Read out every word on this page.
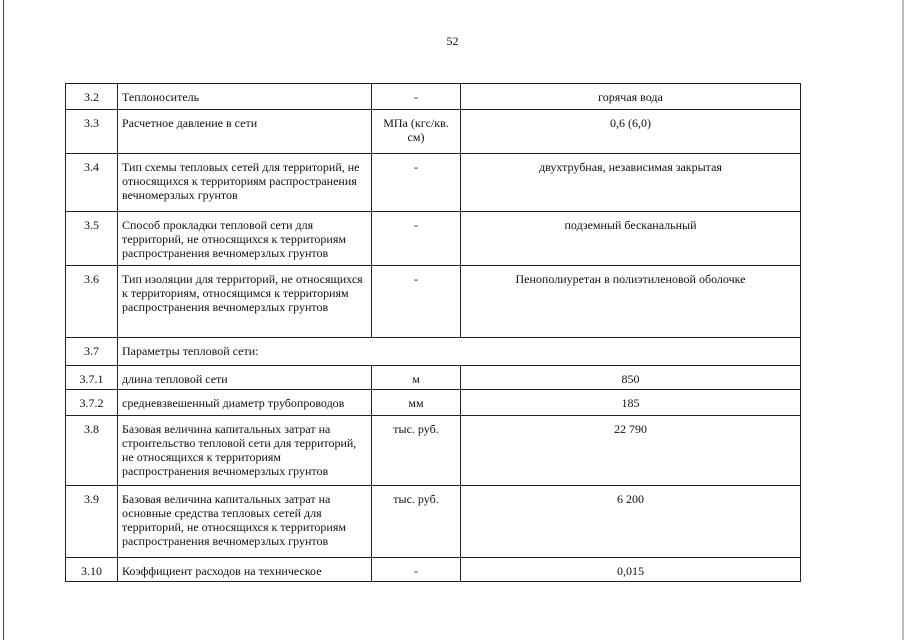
52
3.2	Теплоноситель	-	горячая вода
3.3	Расчетное давление в сети	МПа (кгс/кв. см)	0,6 (6,0)
3.4	Тип схемы тепловых сетей для территорий, не относящихся к территориям распространения вечномерзлых грунтов	-	двухтрубная, независимая закрытая
3.5	Способ прокладки тепловой сети для территорий, не относящихся к территориям распространения вечномерзлых грунтов	-	подземный бесканальный
3.6	Тип изоляции для территорий, не относящихся к территориям, относящимся к территориям распространения вечномерзлых грунтов	-	Пенополиуретан в полиэтиленовой оболочке
3.7	Параметры тепловой сети:		
3.7.1	длина тепловой сети	м	850
3.7.2	средневзвешенный диаметр трубопроводов	мм	185
3.8	Базовая величина капитальных затрат на строительство тепловой сети для территорий, не относящихся к территориям распространения вечномерзлых грунтов	тыс. руб.	22 790
3.9	Базовая величина капитальных затрат на основные средства тепловых сетей для территорий, не относящихся к территориям распространения вечномерзлых грунтов	тыс. руб.	6 200
3.10	Коэффициент расходов на техническое	-	0,015
